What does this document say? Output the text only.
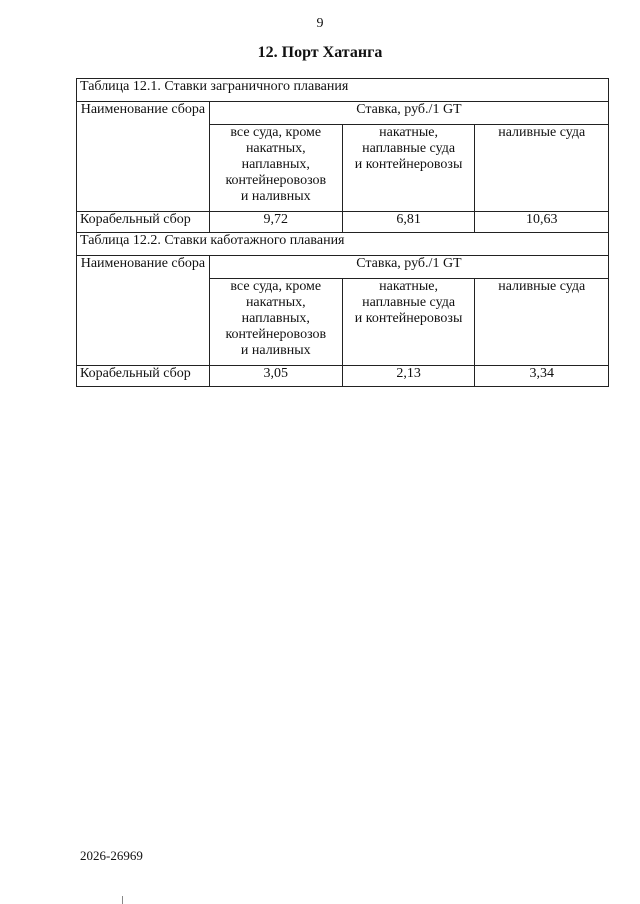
9
12. Порт Хатанга
Таблица 12.1. Ставки заграничного плавания			
Наименование сбора	Ставка, руб./1 GT		
	все суда, кроме
накатных,
наплавных,
контейнеровозов
и наливных	накатные,
наплавные суда
и контейнеровозы	наливные суда
Корабельный сбор	9,72	6,81	10,63
Таблица 12.2. Ставки каботажного плавания			
Наименование сбора	Ставка, руб./1 GT		
	все суда, кроме
накатных,
наплавных,
контейнеровозов
и наливных	накатные,
наплавные суда
и контейнеровозы	наливные суда
Корабельный сбор	3,05	2,13	3,34
2026-26969
